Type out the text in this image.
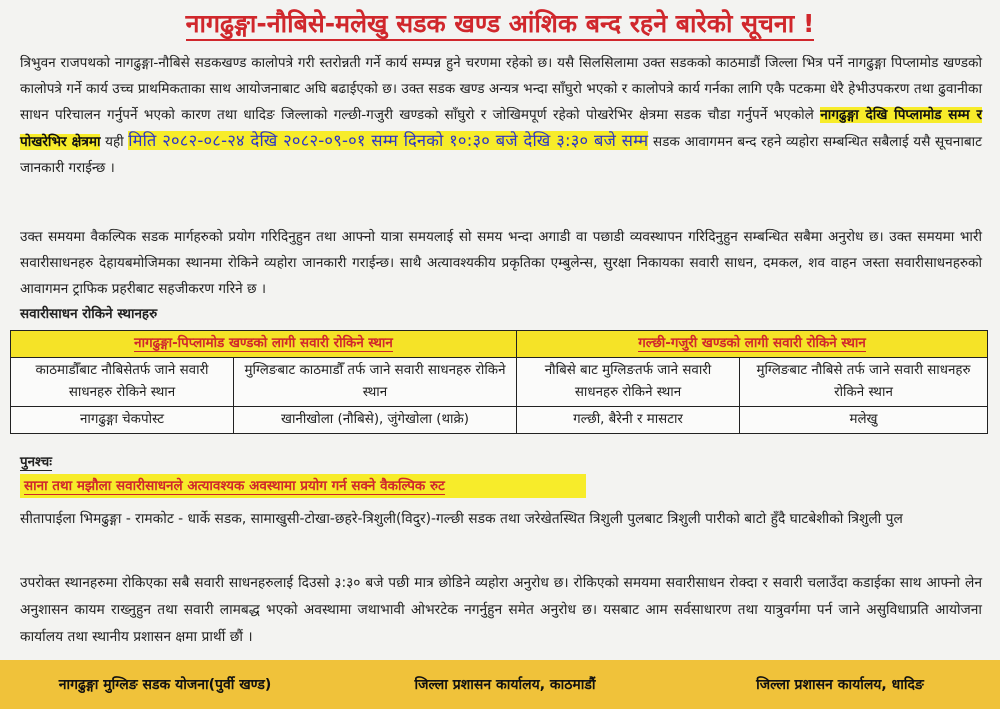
नागढुङ्गा-नौबिसे-मलेखु सडक खण्ड आंशिक बन्द रहने बारेको सूचना !
त्रिभुवन राजपथको नागढुङ्गा-नौबिसे सडकखण्ड कालोपत्रे गरी स्तरोन्नती गर्ने कार्य सम्पन्न हुने चरणमा रहेको छ। यसै सिलसिलामा उक्त सडकको काठमाडौं जिल्ला भित्र पर्ने नागढुङ्गा पिप्लामोड खण्डको कालोपत्रे गर्ने कार्य उच्च प्राथमिकताका साथ आयोजनाबाट अघि बढाईएको छ। उक्त सडक खण्ड अन्यत्र भन्दा साँघुरो भएको र कालोपत्रे कार्य गर्नका लागि एकै पटकमा धेरै हेभीउपकरण तथा ढुवानीका साधन परिचालन गर्नुपर्ने भएको कारण तथा धादिङ जिल्लाको गल्छी-गजुरी खण्डको साँघुरो र जोखिमपूर्ण रहेको पोखरेभिर क्षेत्रमा सडक चौडा गर्नुपर्ने भएकोले नागढुङ्गा देखि पिप्लामोड सम्म र पोखरेभिर क्षेत्रमा यही मिति २०८२-०८-२४ देखि २०८२-०९-०१ सम्म दिनको १०:३० बजे देखि ३:३० बजे सम्म सडक आवागमन बन्द रहने व्यहोरा सम्बन्धित सबैलाई यसै सूचनाबाट जानकारी गराईन्छ ।
उक्त समयमा वैकल्पिक सडक मार्गहरुको प्रयोग गरिदिनुहुन तथा आफ्नो यात्रा समयलाई सो समय भन्दा अगाडी वा पछाडी व्यवस्थापन गरिदिनुहुन सम्बन्धित सबैमा अनुरोध छ। उक्त समयमा भारी सवारीसाधनहरु देहायबमोजिमका स्थानमा रोकिने व्यहोरा जानकारी गराईन्छ। साथै अत्यावश्यकीय प्रकृतिका एम्बुलेन्स, सुरक्षा निकायका सवारी साधन, दमकल, शव वाहन जस्ता सवारीसाधनहरुको आवागमन ट्राफिक प्रहरीबाट सहजीकरण गरिने छ ।
सवारीसाधन रोकिने स्थानहरु
नागढुङ्गा-पिप्लामोड खण्डको लागी सवारी रोकिने स्थान		गल्छी-गजुरी खण्डको लागी सवारी रोकिने स्थान	
काठमाडौँबाट नौबिसेतर्फ जाने सवारी साधनहरु रोकिने स्थान	मुग्लिङबाट काठमाडौँ तर्फ जाने सवारी साधनहरु रोकिने स्थान	नौबिसे बाट मुग्लिङतर्फ जाने सवारी साधनहरु रोकिने स्थान	मुग्लिङबाट नौबिसे तर्फ जाने सवारी साधनहरु रोकिने स्थान
नागढुङ्गा चेकपोस्ट	खानीखोला (नौबिसे), जुंगेखोला (थाक्रे)	गल्छी, बैरेनी र मासटार	मलेखु
पुनश्चः
साना तथा मझौला सवारीसाधनले अत्यावश्यक अवस्थामा प्रयोग गर्न सक्ने वैकल्पिक रुट
सीतापाईला भिमढुङ्गा - रामकोट - धार्के सडक, सामाखुसी-टोखा-छहरे-त्रिशुली(विदुर)-गल्छी सडक तथा जरेखेतस्थित त्रिशुली पुलबाट त्रिशुली पारीको बाटो हुँदै घाटबेशीको त्रिशुली पुल
उपरोक्त स्थानहरुमा रोकिएका सबै सवारी साधनहरुलाई दिउसो ३:३० बजे पछी मात्र छोडिने व्यहोरा अनुरोध छ। रोकिएको समयमा सवारीसाधन रोक्दा र सवारी चलाउँदा कडाईका साथ आफ्नो लेन अनुशासन कायम राख्नुहुन तथा सवारी लामबद्ध भएको अवस्थामा जथाभावी ओभरटेक नगर्नुहुन समेत अनुरोध छ। यसबाट आम सर्वसाधारण तथा यात्रुवर्गमा पर्न जाने असुविधाप्रति आयोजना कार्यालय तथा स्थानीय प्रशासन क्षमा प्रार्थी छौं ।
नागढुङ्गा मुग्लिङ सडक योजना(पुर्वी खण्ड)	जिल्ला प्रशासन कार्यालय, काठमाडौं	जिल्ला प्रशासन कार्यालय, धादिङ
